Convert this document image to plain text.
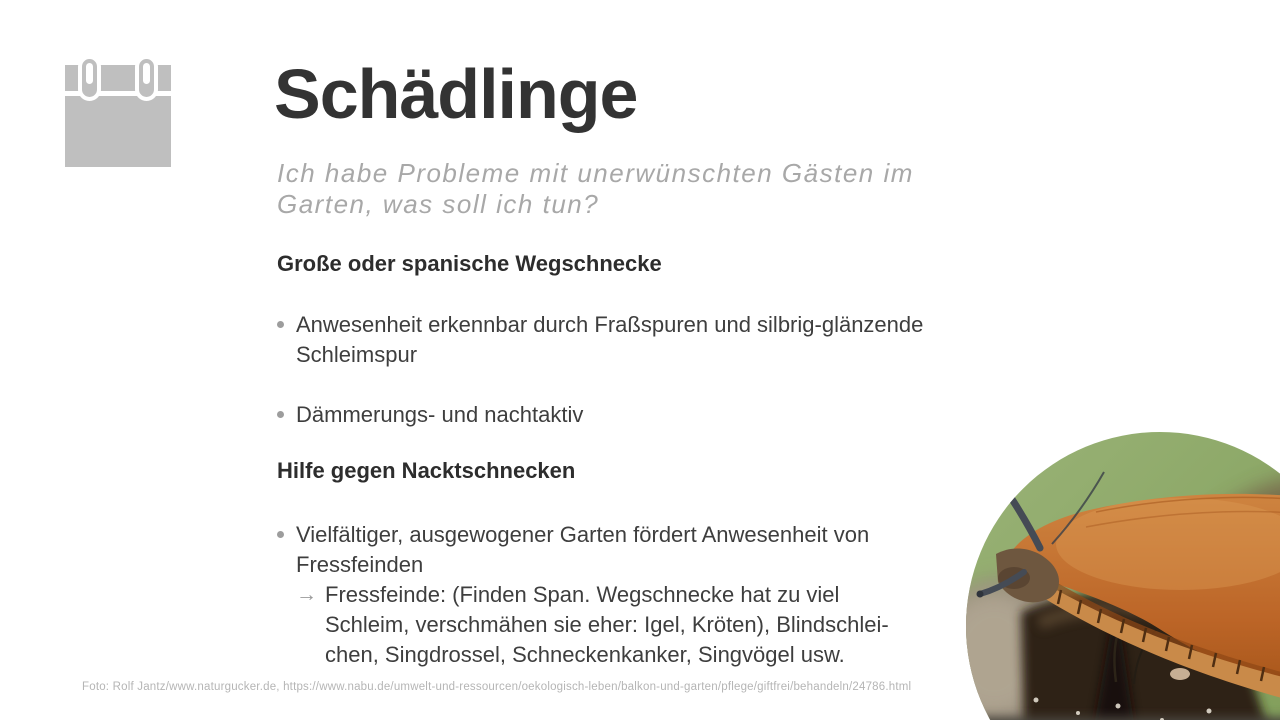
Schädlinge
Ich habe Probleme mit unerwünschten Gästen im
Garten, was soll ich tun?
Große oder spanische Wegschnecke
Anwesenheit erkennbar durch Fraßspuren und silbrig-glänzende
Schleimspur
Dämmerungs- und nachtaktiv
Hilfe gegen Nacktschnecken
Vielfältiger, ausgewogener Garten fördert Anwesenheit von
Fressfeinden
→ Fressfeinde: (Finden Span. Wegschnecke hat zu viel
Schleim, verschmähen sie eher: Igel, Kröten), Blindschlei-
chen, Singdrossel, Schneckenkanker, Singvögel usw.
Foto: Rolf Jantz/www.naturgucker.de, https://www.nabu.de/umwelt-und-ressourcen/oekologisch-leben/balkon-und-garten/pflege/giftfrei/behandeln/24786.html
